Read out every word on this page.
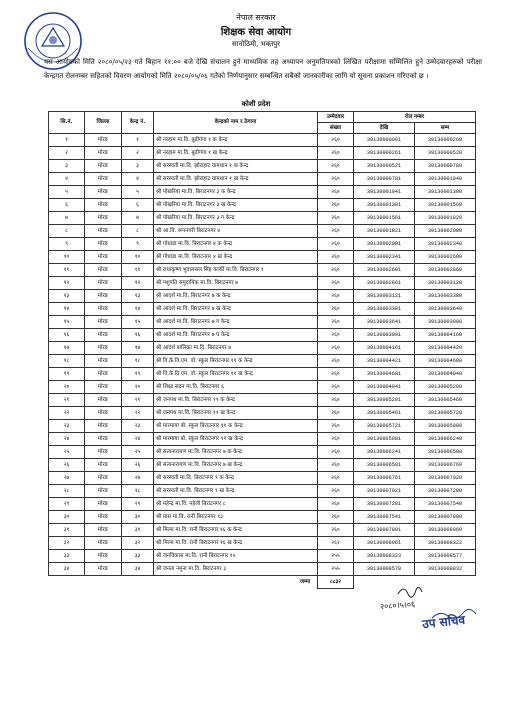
नेपाल सरकार
शिक्षक सेवा आयोग
सानोठिमी, भक्तपुर
यस आयोगको मिति २०८०/०५/२३ गते बिहान ११:०० बजे देखि संचालन हुने माध्यमिक तह अध्यापन अनुमतिपत्रको लिखित परीक्षामा सम्मिलित हुने उम्मेदवारहरुको परीक्षा केन्द्रगत रोलनम्बर सहितको विवरण आयोगको मिति २०८०/०५/०६ गतेको निर्णयानुसार सम्बन्धित सबैको जानकारीका लागि यो सूचना प्रकाशन गरिएको छ ।
कोशी प्रदेश
सि.नं.	जिल्ला	केन्द्र नं.	केन्द्रको नाम र ठेगाना	उम्मेदवार	रोल नम्बर	
				संख्या	देखि	सम्म
१	मोरङ	१	श्री नरहाम मा.वि. बुढीगंगा १ क केन्द्र	२६०	39130000001	39130000260
२	मोरङ	२	श्री नरहाम मा.वि. बुढीगंगा १ ख केन्द्र	२६०	39130000261	39130000520
३	मोरङ	३	श्री सरस्वती मा.वि. झोराहाट ग्रामथान १ क केन्द्र	२६०	39130000521	39130000780
४	मोरङ	४	श्री सरस्वती मा.वि. झोराहाट ग्रामथान १ ख केन्द्र	२६०	39130000781	39130001040
५	मोरङ	५	श्री पोखरिया मा.वि. बिराटनगर ३ क केन्द्र	२६०	39130001041	39130001300
६	मोरङ	६	श्री पोखरिया मा.वि. बिराटनगर ३ ख केन्द्र	२६०	39130001301	39130001560
७	मोरङ	७	श्री पोखरिया मा.वि. बिराटनगर ३ ग केन्द्र	२६०	39130001561	39130001820
८	मोरङ	८	श्री आ.वि. रूपनगरी बिराटनगर ४	२६०	39130001821	39130002080
९	मोरङ	९	श्री गोधाडा मा.वि. बिराटनगर ४ क केन्द्र	२६०	39130002081	39130002340
१०	मोरङ	१०	श्री गोधाडा मा.वि. बिराटनगर ४ ख केन्द्र	२६०	39130002341	39130002600
११	मोरङ	११	श्री राधाकृष्ण भुवालसल सिंह कार्की मा.वि. बिराटनगर १	२६०	39130002601	39130002860
१२	मोरङ	१२	श्री पशुपति समुदायिक मा.वि. बिराटनगर ७	२६०	39130002861	39130003120
१३	मोरङ	१३	श्री आदर्श मा.वि. बिराटनगर ७ क केन्द्र	२६०	39130003121	39130003380
१४	मोरङ	१४	श्री आदर्श मा.वि. बिराटनगर ७ ख केन्द्र	२६०	39130003381	39130003640
१५	मोरङ	१५	श्री आदर्श मा.वि. बिराटनगर ७ ग केन्द्र	२६०	39130003641	39130003900
१६	मोरङ	१६	श्री आदर्श मा.वि. बिराटनगर ७ घ केन्द्र	२६०	39130003901	39130004160
१७	मोरङ	१७	श्री आदर्श बालिका मा.वि. बिराटनगर ७	२६०	39130004161	39130004420
१८	मोरङ	१८	श्री वि.के.वि.एम. वो. स्कुल बिराटनगर ११ क केन्द्र	२६०	39130004421	39130004680
१९	मोरङ	१९	श्री वि.के.वि.एम. वो. स्कुल बिराटनगर ११ ख केन्द्र	२६०	39130004681	39130004940
२०	मोरङ	२०	श्री शिक्षा सदन मा.वि. बिराटनगर ६	२६०	39130004941	39130005200
२१	मोरङ	२१	श्री जनपथ मा.वि. बिराटनगर ११ क केन्द्र	२६०	39130005201	39130005460
२२	मोरङ	२२	श्री जनपथ मा.वि. बिराटनगर ११ ख केन्द्र	२६०	39130005461	39130005720
२३	मोरङ	२३	श्री मारमाया बो. स्कुल बिराटनगर ११ क केन्द्र	२६०	39130005721	39130005980
२४	मोरङ	२४	श्री मारमाया बो. स्कुल बिराटनगर ११ ख केन्द्र	२६०	39130005981	39130006240
२५	मोरङ	२५	श्री सत्यनारायण मा.वि. बिराटनगर ७ क केन्द्र	२६०	39130006241	39130006500
२६	मोरङ	२६	श्री सत्यनारायण मा.वि. बिराटनगर ७ ख केन्द्र	२६०	39130006501	39130006760
२७	मोरङ	२७	श्री सरस्वती मा.वि. बिराटनगर ९ क केन्द्र	२६०	39130006761	39130007020
२८	मोरङ	२८	श्री सरस्वती मा.वि. बिराटनगर ९ ख केन्द्र	२६०	39130007021	39130007280
२९	मोरङ	२९	श्री महेन्द्र मा.वि. नहेली बिराटनगर ८	२६०	39130007281	39130007540
३०	मोरङ	३०	श्री प्रास मा.वि. रानी बिराटनगर १३	२६०	39130007541	39130007800
३१	मोरङ	३१	श्री मिल्स मा.वि. रानी बिराटनगर १६ क केन्द्र	२६०	39130007801	39130008060
३२	मोरङ	३२	श्री मिल्स मा.वि. रानी बिराटनगर १६ ख केन्द्र	२६२	39130008061	39130008322
३३	मोरङ	३३	श्री जनविकास मा.वि. रानी बिराटनगर १५	२५५	39130008323	39130008577
३४	मोरङ	३४	श्री जनता नमूना मा.वि. बिराटनगर ३	२५५	39130008578	39130008832

				जम्मा ८८३२		
२०८०।५।०६
उप सचिव
